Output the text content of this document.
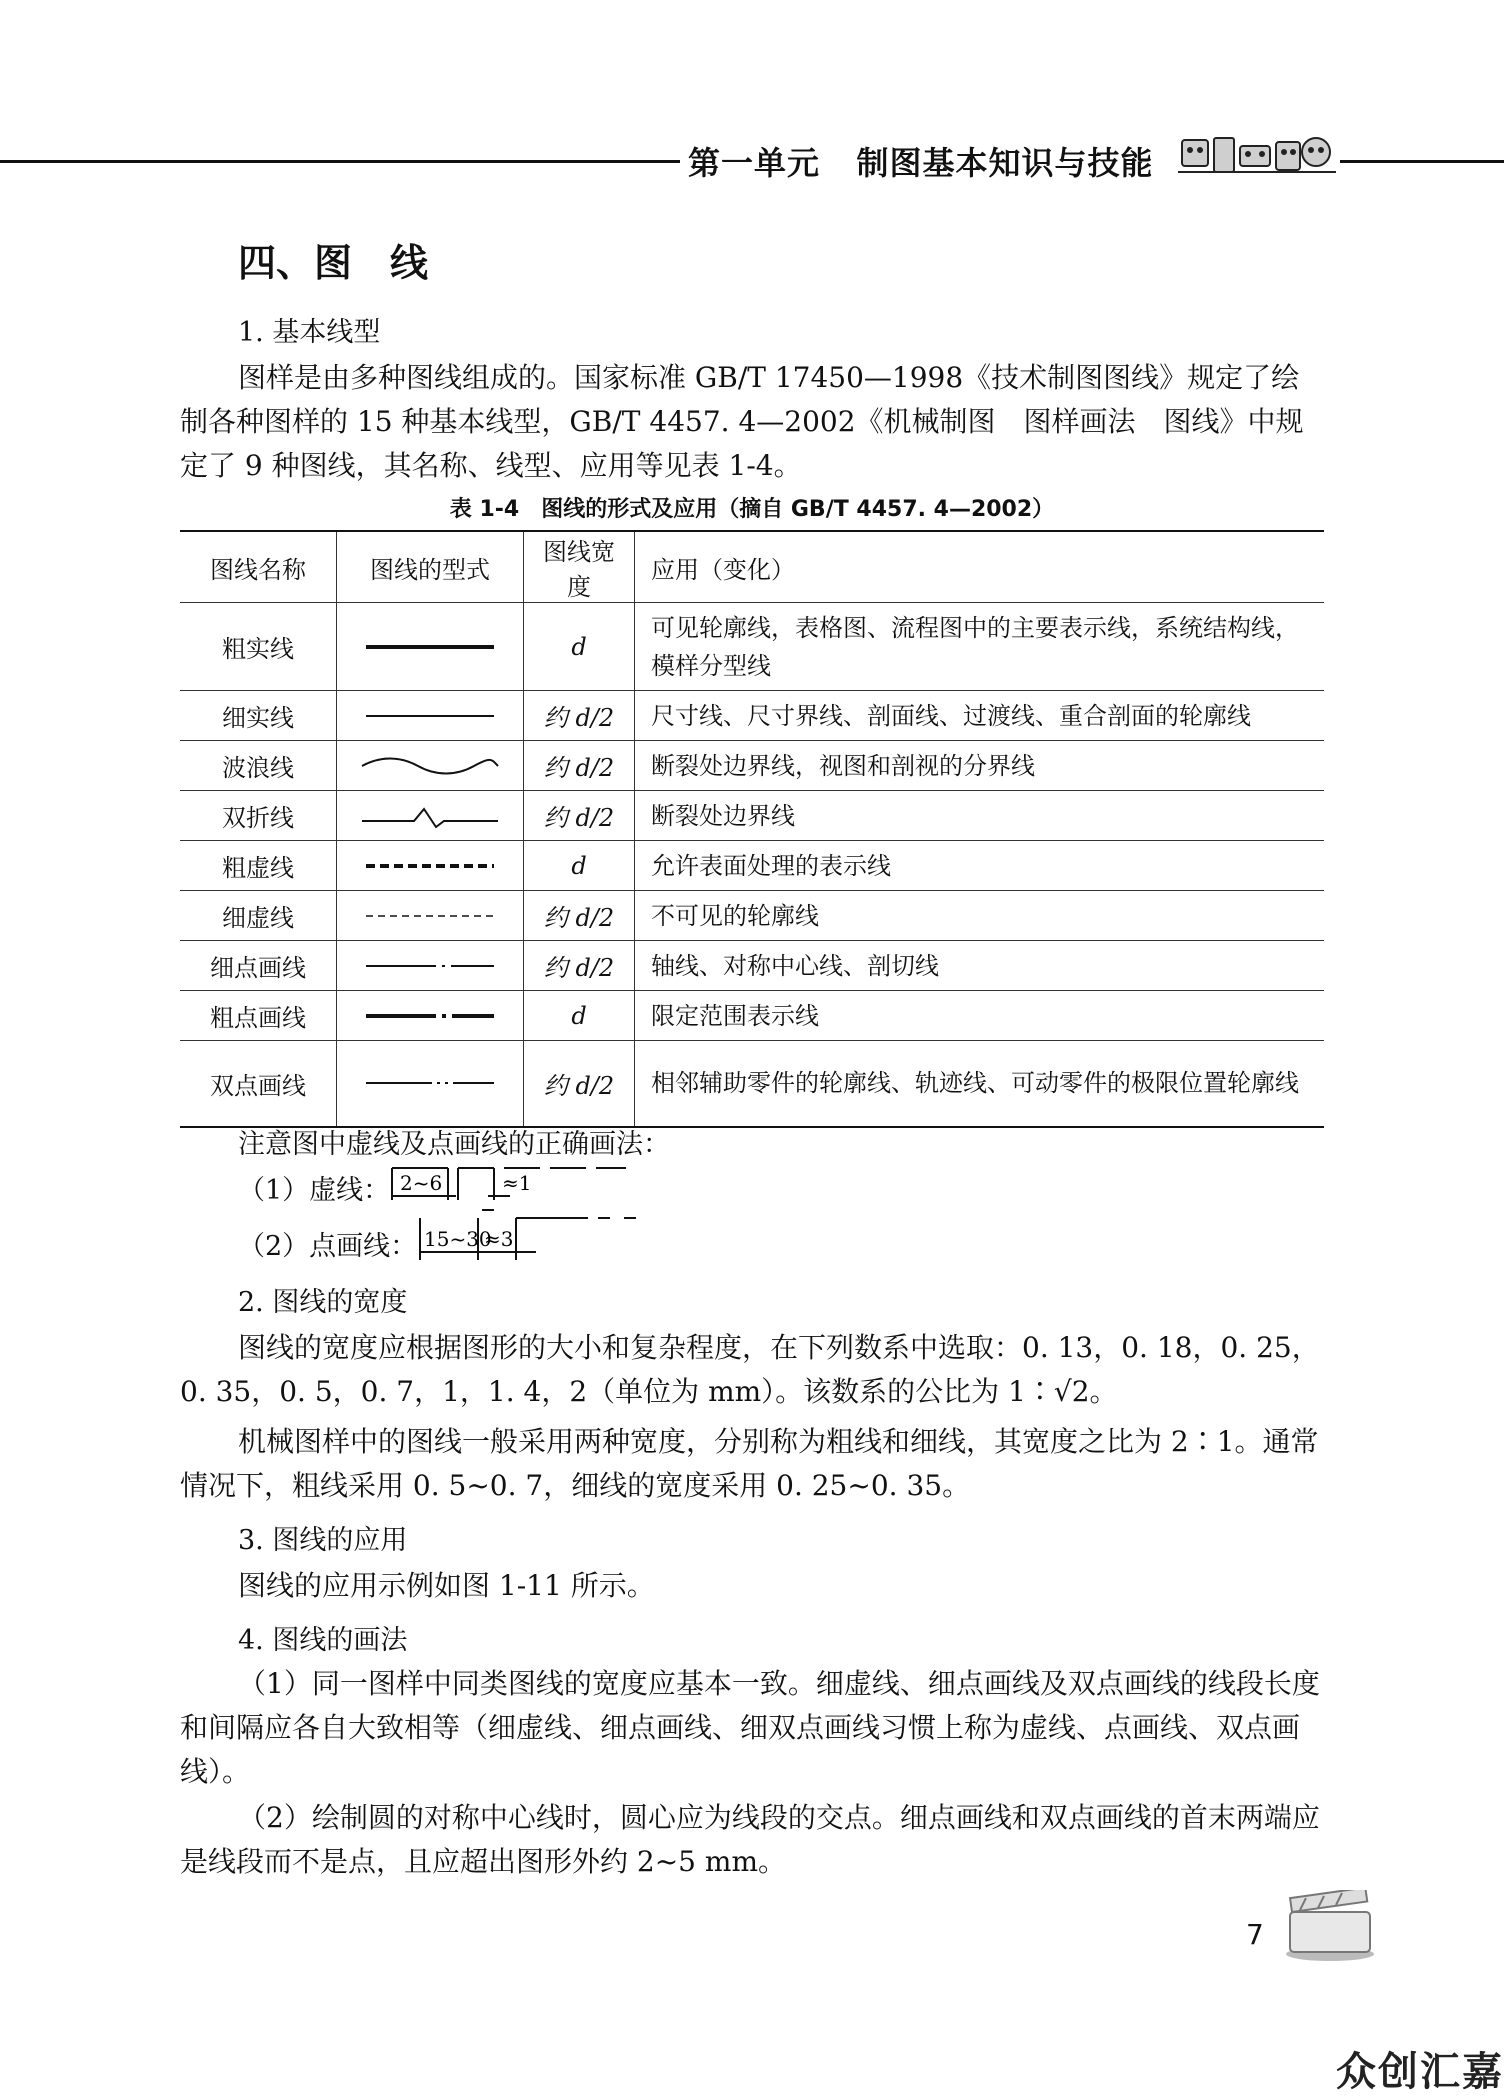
第一单元 制图基本知识与技能
四、图　线
1. 基本线型
图样是由多种图线组成的。国家标准 GB/T 17450—1998《技术制图图线》规定了绘制各种图样的 15 种基本线型，GB/T 4457. 4—2002《机械制图　图样画法　图线》中规定了 9 种图线，其名称、线型、应用等见表 1-4。
表 1-4　图线的形式及应用（摘自 GB/T 4457. 4—2002）
图线名称	图线的型式	图线宽度	应用（变化）
粗实线		d	可见轮廓线，表格图、流程图中的主要表示线，系统结构线，模样分型线
细实线		约 d/2	尺寸线、尺寸界线、剖面线、过渡线、重合剖面的轮廓线
波浪线		约 d/2	断裂处边界线，视图和剖视的分界线
双折线		约 d/2	断裂处边界线
粗虚线		d	允许表面处理的表示线
细虚线		约 d/2	不可见的轮廓线
细点画线		约 d/2	轴线、对称中心线、剖切线
粗点画线		d	限定范围表示线
双点画线		约 d/2	相邻辅助零件的轮廓线、轨迹线、可动零件的极限位置轮廓线
注意图中虚线及点画线的正确画法：
（1）虚线： 2~6	≈1
（2）点画线： 15~30
≈3
2. 图线的宽度
图线的宽度应根据图形的大小和复杂程度，在下列数系中选取：0. 13，0. 18，0. 25，0. 35，0. 5，0. 7，1，1. 4，2（单位为 mm）。该数系的公比为 1∶√2。
机械图样中的图线一般采用两种宽度，分别称为粗线和细线，其宽度之比为 2∶1。通常情况下，粗线采用 0. 5~0. 7，细线的宽度采用 0. 25~0. 35。
3. 图线的应用
图线的应用示例如图 1-11 所示。
4. 图线的画法
（1）同一图样中同类图线的宽度应基本一致。细虚线、细点画线及双点画线的线段长度和间隔应各自大致相等（细虚线、细点画线、细双点画线习惯上称为虚线、点画线、双点画线）。
（2）绘制圆的对称中心线时，圆心应为线段的交点。细点画线和双点画线的首末两端应是线段而不是点，且应超出图形外约 2~5 mm。
7
众创汇嘉
